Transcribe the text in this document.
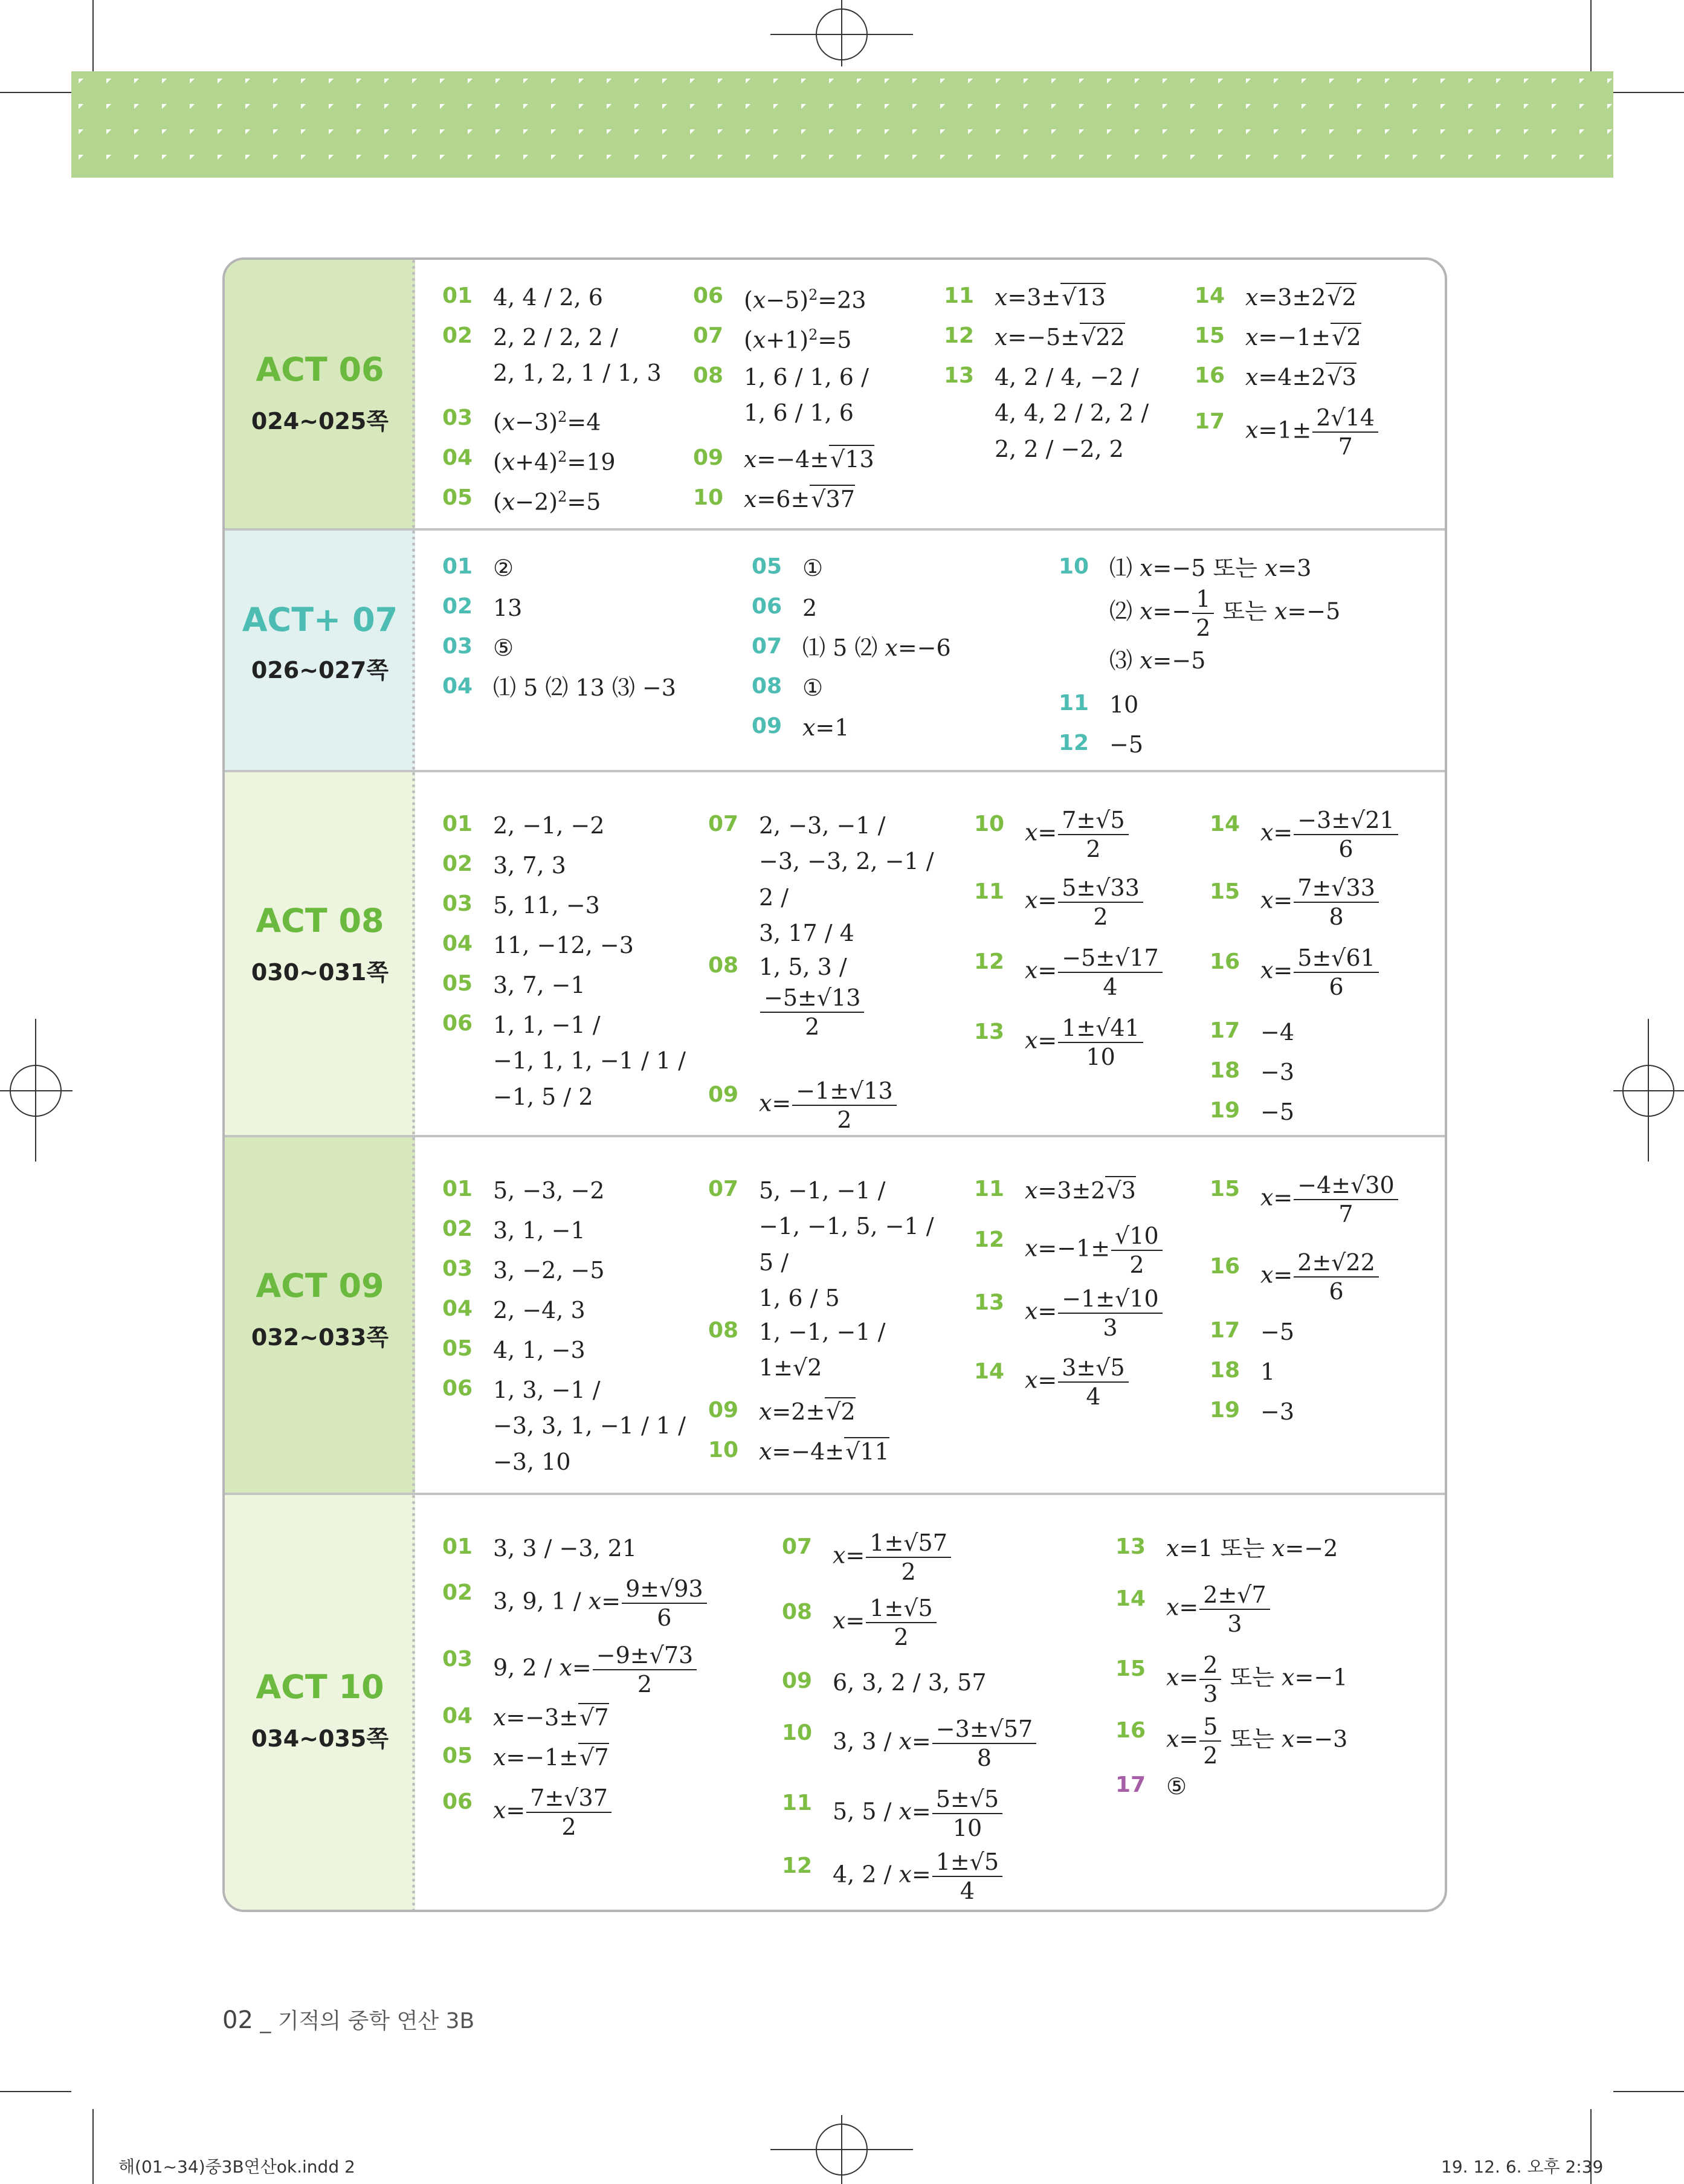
ACT 06
024~025쪽
01 4, 4 / 2, 6
02 2, 2 / 2, 2 /
2, 1, 2, 1 / 1, 3
03 (𝑥−3)$^2$=4
04 (𝑥+4)$^2$=19
05 (𝑥−2)$^2$=5
06 (𝑥−5)$^2$=23
07 (𝑥+1)$^2$=5
08 1, 6 / 1, 6 /
1, 6 / 1, 6
09 𝑥=−4± √ 13
10 𝑥=6± √ 37
11 𝑥=3± √ 13
12 𝑥=−5± √ 22
13 4, 2 / 4, −2 /
4, 4, 2 / 2, 2 /
2, 2 / −2, 2
14 𝑥=3±2 √ 2
15 𝑥=−1± √ 2
16 𝑥=4±2 √ 3
17 𝑥=1± $\frac{2√14}{7}$
ACT+ 07
026~027쪽
01 ②
02 13
03 ⑤
04 ⑴ 5 ⑵ 13 ⑶ −3
05 ①
06 2
07 ⑴ 5 ⑵ 𝑥=−6
08 ①
09 𝑥=1
10 ⑴ 𝑥=−5 또는 𝑥=3
⑵ 𝑥=− $\frac{1}{2}$ 또는 𝑥=−5
⑶ 𝑥=−5
11 10
12 −5
ACT 08
030~031쪽
01 2, −1, −2
02 3, 7, 3
03 5, 11, −3
04 11, −12, −3
05 3, 7, −1
06 1, 1, −1 /
−1, 1, 1, −1 / 1 /
−1, 5 / 2
07 2, −3, −1 /
−3, −3, 2, −1 /
2 /
3, 17 / 4
08 1, 5, 3 /

$\frac{-5\pm√13}{2}$
09 𝑥= $\frac{-1\pm√13}{2}$
10 𝑥= $\frac{7\pm√5}{2}$
11 𝑥= $\frac{5\pm√33}{2}$
12 𝑥= $\frac{-5\pm√17}{4}$
13 𝑥= $\frac{1\pm√41}{10}$
14 𝑥= $\frac{-3\pm√21}{6}$
15 𝑥= $\frac{7\pm√33}{8}$
16 𝑥= $\frac{5\pm√61}{6}$
17 −4
18 −3
19 −5
ACT 09
032~033쪽
01 5, −3, −2
02 3, 1, −1
03 3, −2, −5
04 2, −4, 3
05 4, 1, −3
06 1, 3, −1 /
−3, 3, 1, −1 / 1 /
−3, 10
07 5, −1, −1 /
−1, −1, 5, −1 /
5 /
1, 6 / 5
08 1, −1, −1 /
1±√2
09 𝑥=2± √ 2
10 𝑥=−4± √ 11
11 𝑥=3±2 √ 3
12 𝑥=−1± $\frac{√10}{2}$
13 𝑥= $\frac{-1\pm√10}{3}$
14 𝑥= $\frac{3\pm√5}{4}$
15 𝑥= $\frac{-4\pm√30}{7}$
16 𝑥= $\frac{2\pm√22}{6}$
17 −5
18 1
19 −3
ACT 10
034~035쪽
01 3, 3 / −3, 21
02 3, 9, 1 / 𝑥= $\frac{9\pm√93}{6}$
03 9, 2 / 𝑥= $\frac{-9\pm√73}{2}$
04 𝑥=−3± √ 7
05 𝑥=−1± √ 7
06 𝑥= $\frac{7\pm√37}{2}$
07 𝑥= $\frac{1\pm√57}{2}$
08 𝑥= $\frac{1\pm√5}{2}$
09 6, 3, 2 / 3, 57
10 3, 3 / 𝑥= $\frac{-3\pm√57}{8}$
11 5, 5 / 𝑥= $\frac{5\pm√5}{10}$
12 4, 2 / 𝑥= $\frac{1\pm√5}{4}$
13 𝑥=1 또는 𝑥=−2
14 𝑥= $\frac{2\pm√7}{3}$
15 𝑥= $\frac{2}{3}$ 또는 𝑥=−1
16 𝑥= $\frac{5}{2}$ 또는 𝑥=−3
17 ⑤
02 _ 기적의 중학 연산 3B
해(01~34)중3B연산ok.indd 2	19. 12. 6. 오후 2:39
